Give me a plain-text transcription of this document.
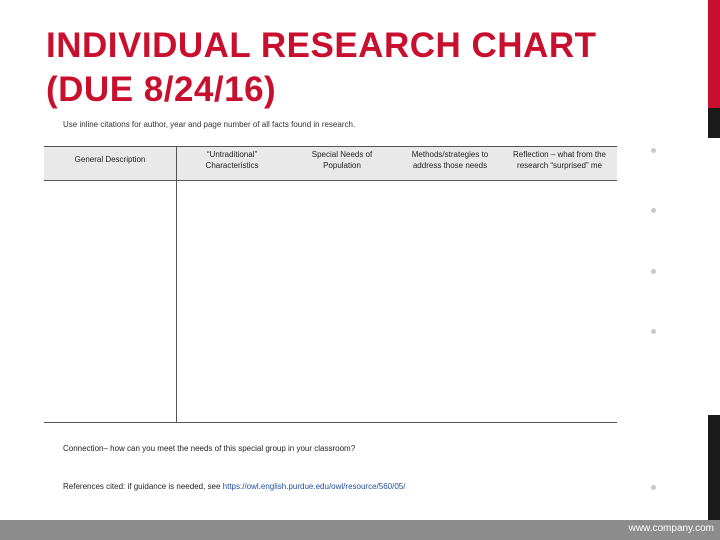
INDIVIDUAL RESEARCH CHART
(DUE 8/24/16)
Use inline citations for author, year and page number of all facts found in research.
General Description
“Untraditional”
Characteristics
Special Needs of
Population
Methods/strategies to
address those needs
Reflection – what from the
research “surprised” me
Connection– how can you meet the needs of this special group in your classroom?
References cited: if guidance is needed, see https://owl.english.purdue.edu/owl/resource/560/05/
www.company.com
